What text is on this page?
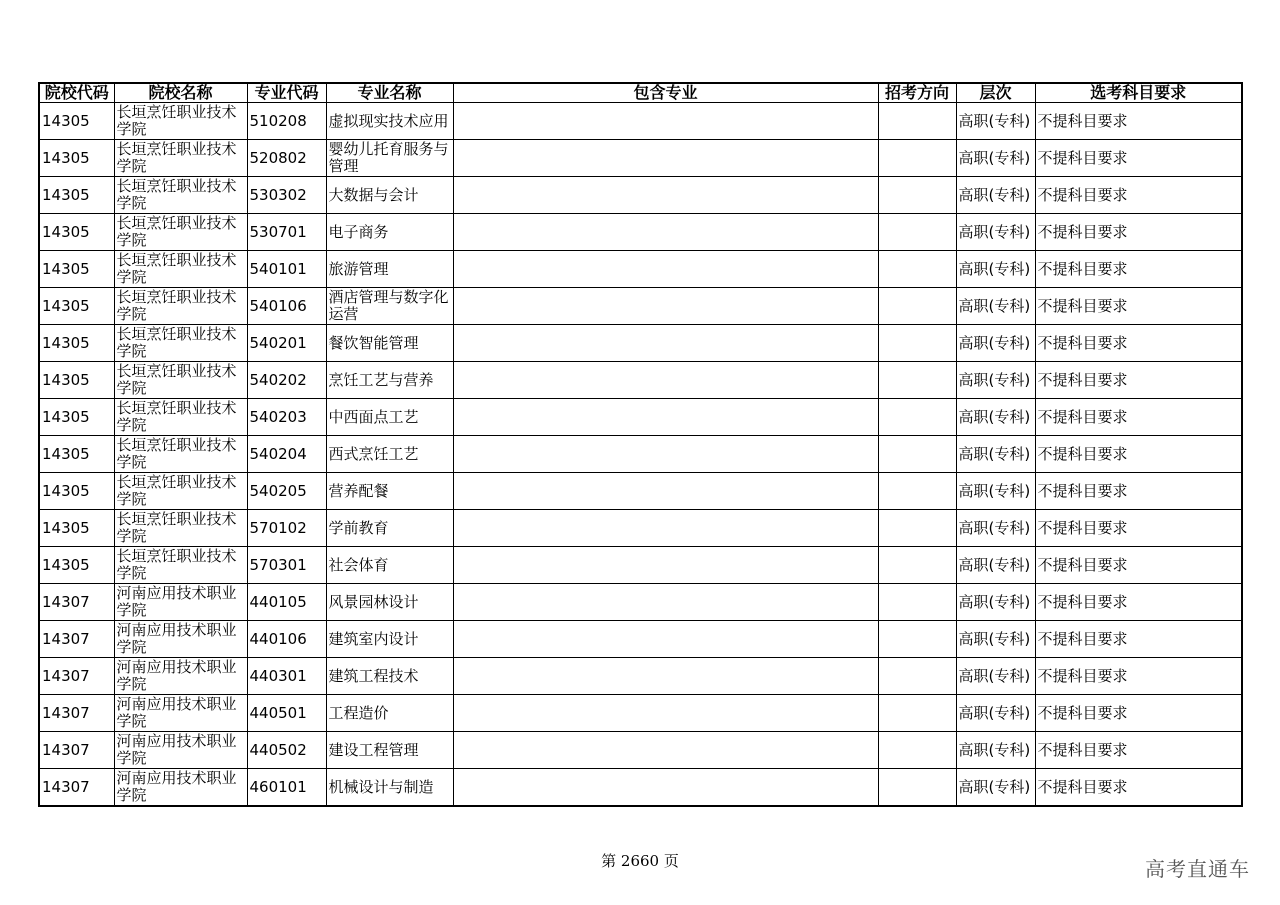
院校代码	院校名称	专业代码	专业名称	包含专业	招考方向	层次	选考科目要求
14305	长垣烹饪职业技术学院	510208	虚拟现实技术应用			高职(专科)	不提科目要求
14305	长垣烹饪职业技术学院	520802	婴幼儿托育服务与管理			高职(专科)	不提科目要求
14305	长垣烹饪职业技术学院	530302	大数据与会计			高职(专科)	不提科目要求
14305	长垣烹饪职业技术学院	530701	电子商务			高职(专科)	不提科目要求
14305	长垣烹饪职业技术学院	540101	旅游管理			高职(专科)	不提科目要求
14305	长垣烹饪职业技术学院	540106	酒店管理与数字化运营			高职(专科)	不提科目要求
14305	长垣烹饪职业技术学院	540201	餐饮智能管理			高职(专科)	不提科目要求
14305	长垣烹饪职业技术学院	540202	烹饪工艺与营养			高职(专科)	不提科目要求
14305	长垣烹饪职业技术学院	540203	中西面点工艺			高职(专科)	不提科目要求
14305	长垣烹饪职业技术学院	540204	西式烹饪工艺			高职(专科)	不提科目要求
14305	长垣烹饪职业技术学院	540205	营养配餐			高职(专科)	不提科目要求
14305	长垣烹饪职业技术学院	570102	学前教育			高职(专科)	不提科目要求
14305	长垣烹饪职业技术学院	570301	社会体育			高职(专科)	不提科目要求
14307	河南应用技术职业学院	440105	风景园林设计			高职(专科)	不提科目要求
14307	河南应用技术职业学院	440106	建筑室内设计			高职(专科)	不提科目要求
14307	河南应用技术职业学院	440301	建筑工程技术			高职(专科)	不提科目要求
14307	河南应用技术职业学院	440501	工程造价			高职(专科)	不提科目要求
14307	河南应用技术职业学院	440502	建设工程管理			高职(专科)	不提科目要求
14307	河南应用技术职业学院	460101	机械设计与制造			高职(专科)	不提科目要求
第 2660 页	高考直通车
